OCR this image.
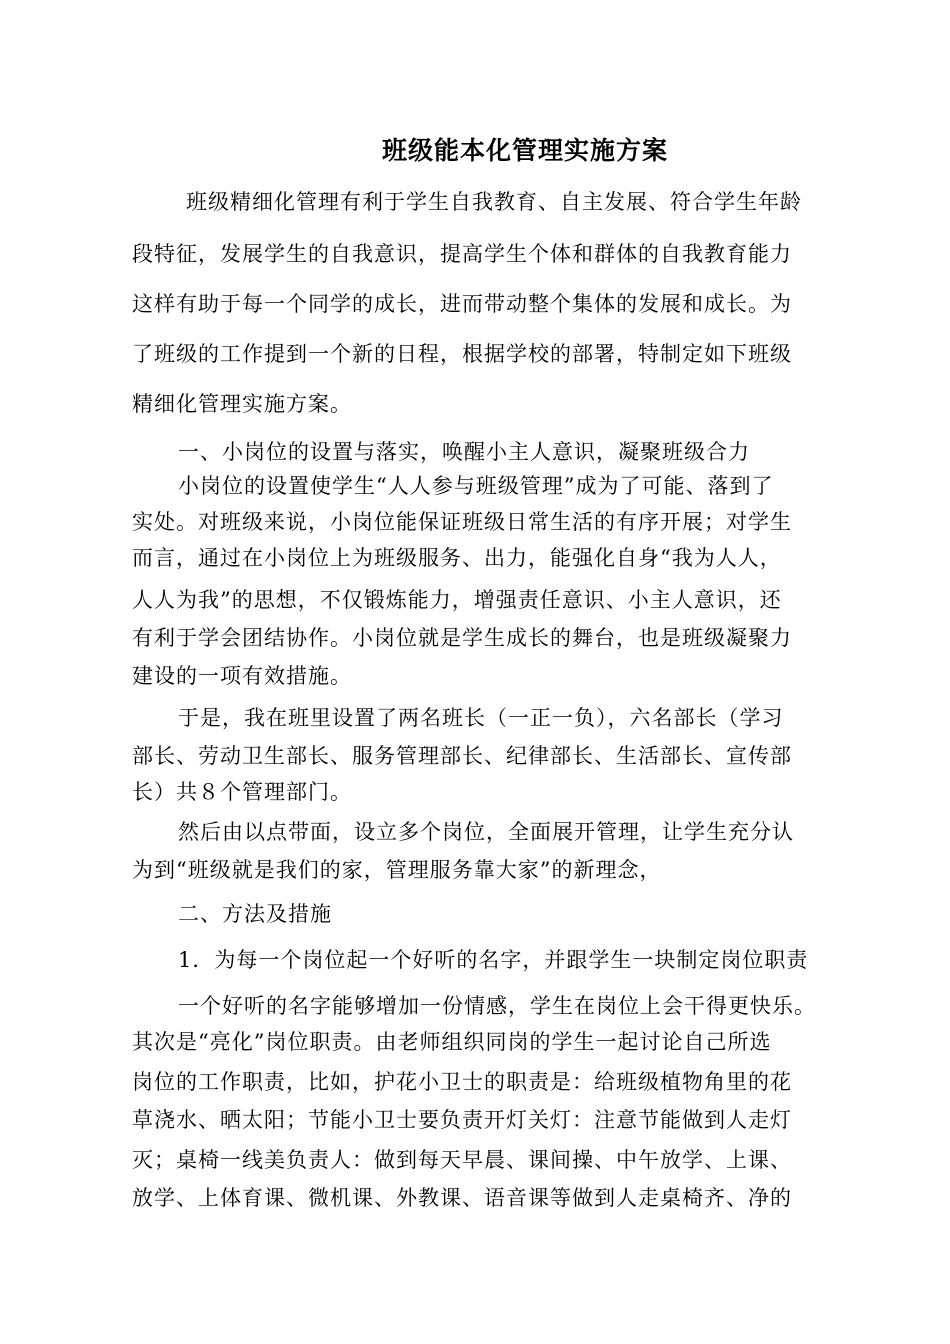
班级能本化管理实施方案
班级精细化管理有利于学生自我教育、自主发展、符合学生年龄
段特征，发展学生的自我意识，提高学生个体和群体的自我教育能力
这样有助于每一个同学的成长，进而带动整个集体的发展和成长。为
了班级的工作提到一个新的日程，根据学校的部署，特制定如下班级
精细化管理实施方案。
一、小岗位的设置与落实，唤醒小主人意识，凝聚班级合力
小岗位的设置使学生“人人参与班级管理”成为了可能、落到了
实处。对班级来说，小岗位能保证班级日常生活的有序开展；对学生
而言，通过在小岗位上为班级服务、出力，能强化自身“我为人人，
人人为我”的思想，不仅锻炼能力，增强责任意识、小主人意识，还
有利于学会团结协作。小岗位就是学生成长的舞台，也是班级凝聚力
建设的一项有效措施。
于是，我在班里设置了两名班长（一正一负），六名部长（学习
部长、劳动卫生部长、服务管理部长、纪律部长、生活部长、宣传部
长）共８个管理部门。
然后由以点带面，设立多个岗位，全面展开管理，让学生充分认
为到“班级就是我们的家，管理服务靠大家”的新理念，
二、方法及措施
1．为每一个岗位起一个好听的名字，并跟学生一块制定岗位职责
一个好听的名字能够增加一份情感，学生在岗位上会干得更快乐。
其次是“亮化”岗位职责。由老师组织同岗的学生一起讨论自己所选
岗位的工作职责，比如，护花小卫士的职责是：给班级植物角里的花
草浇水、晒太阳；节能小卫士要负责开灯关灯：注意节能做到人走灯
灭；桌椅一线美负责人：做到每天早晨、课间操、中午放学、上课、
放学、上体育课、微机课、外教课、语音课等做到人走桌椅齐、净的
